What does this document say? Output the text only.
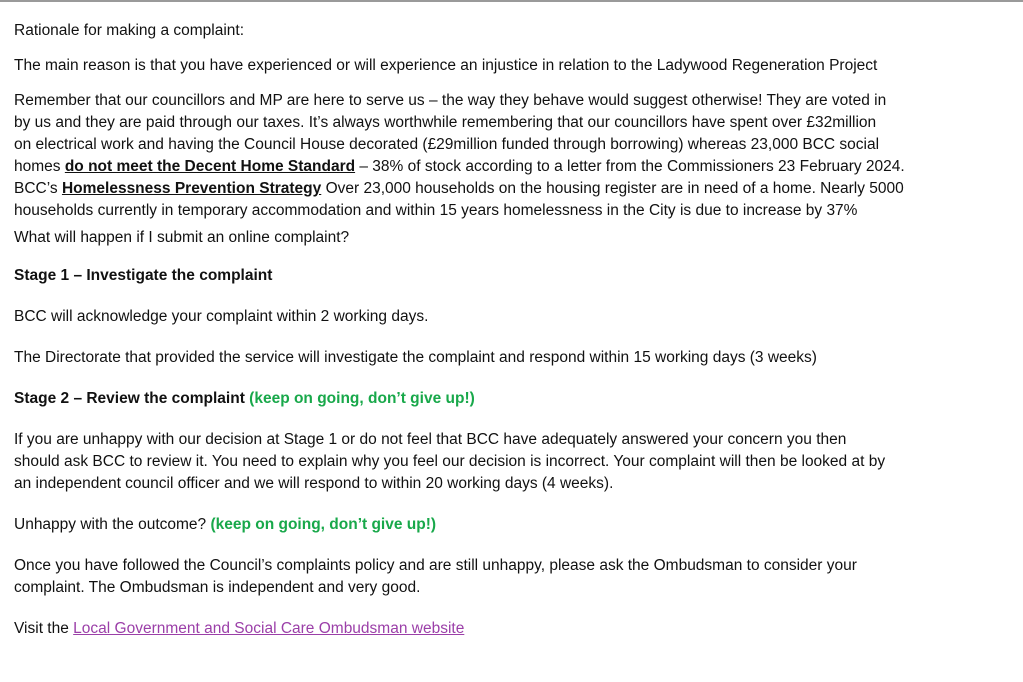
Rationale for making a complaint:

The main reason is that you have experienced or will experience an injustice in relation to the Ladywood Regeneration Project

Remember that our councillors and MP are here to serve us – the way they behave would suggest otherwise! They are voted in

by us and they are paid through our taxes. It’s always worthwhile remembering that our councillors have spent over £32million

on electrical work and having the Council House decorated (£29million funded through borrowing) whereas 23,000 BCC social

homes do not meet the Decent Home Standard – 38% of stock according to a letter from the Commissioners 23 February 2024.

BCC’s Homelessness Prevention Strategy Over 23,000 households on the housing register are in need of a home. Nearly 5000

households currently in temporary accommodation and within 15 years homelessness in the City is due to increase by 37%

What will happen if I submit an online complaint?

Stage 1 – Investigate the complaint

BCC will acknowledge your complaint within 2 working days.

The Directorate that provided the service will investigate the complaint and respond within 15 working days (3 weeks)

Stage 2 – Review the complaint (keep on going, don’t give up!)

If you are unhappy with our decision at Stage 1 or do not feel that BCC have adequately answered your concern you then

should ask BCC to review it. You need to explain why you feel our decision is incorrect. Your complaint will then be looked at by

an independent council officer and we will respond to within 20 working days (4 weeks).

Unhappy with the outcome? (keep on going, don’t give up!)

Once you have followed the Council’s complaints policy and are still unhappy, please ask the Ombudsman to consider your

complaint. The Ombudsman is independent and very good.

Visit the Local Government and Social Care Ombudsman website
